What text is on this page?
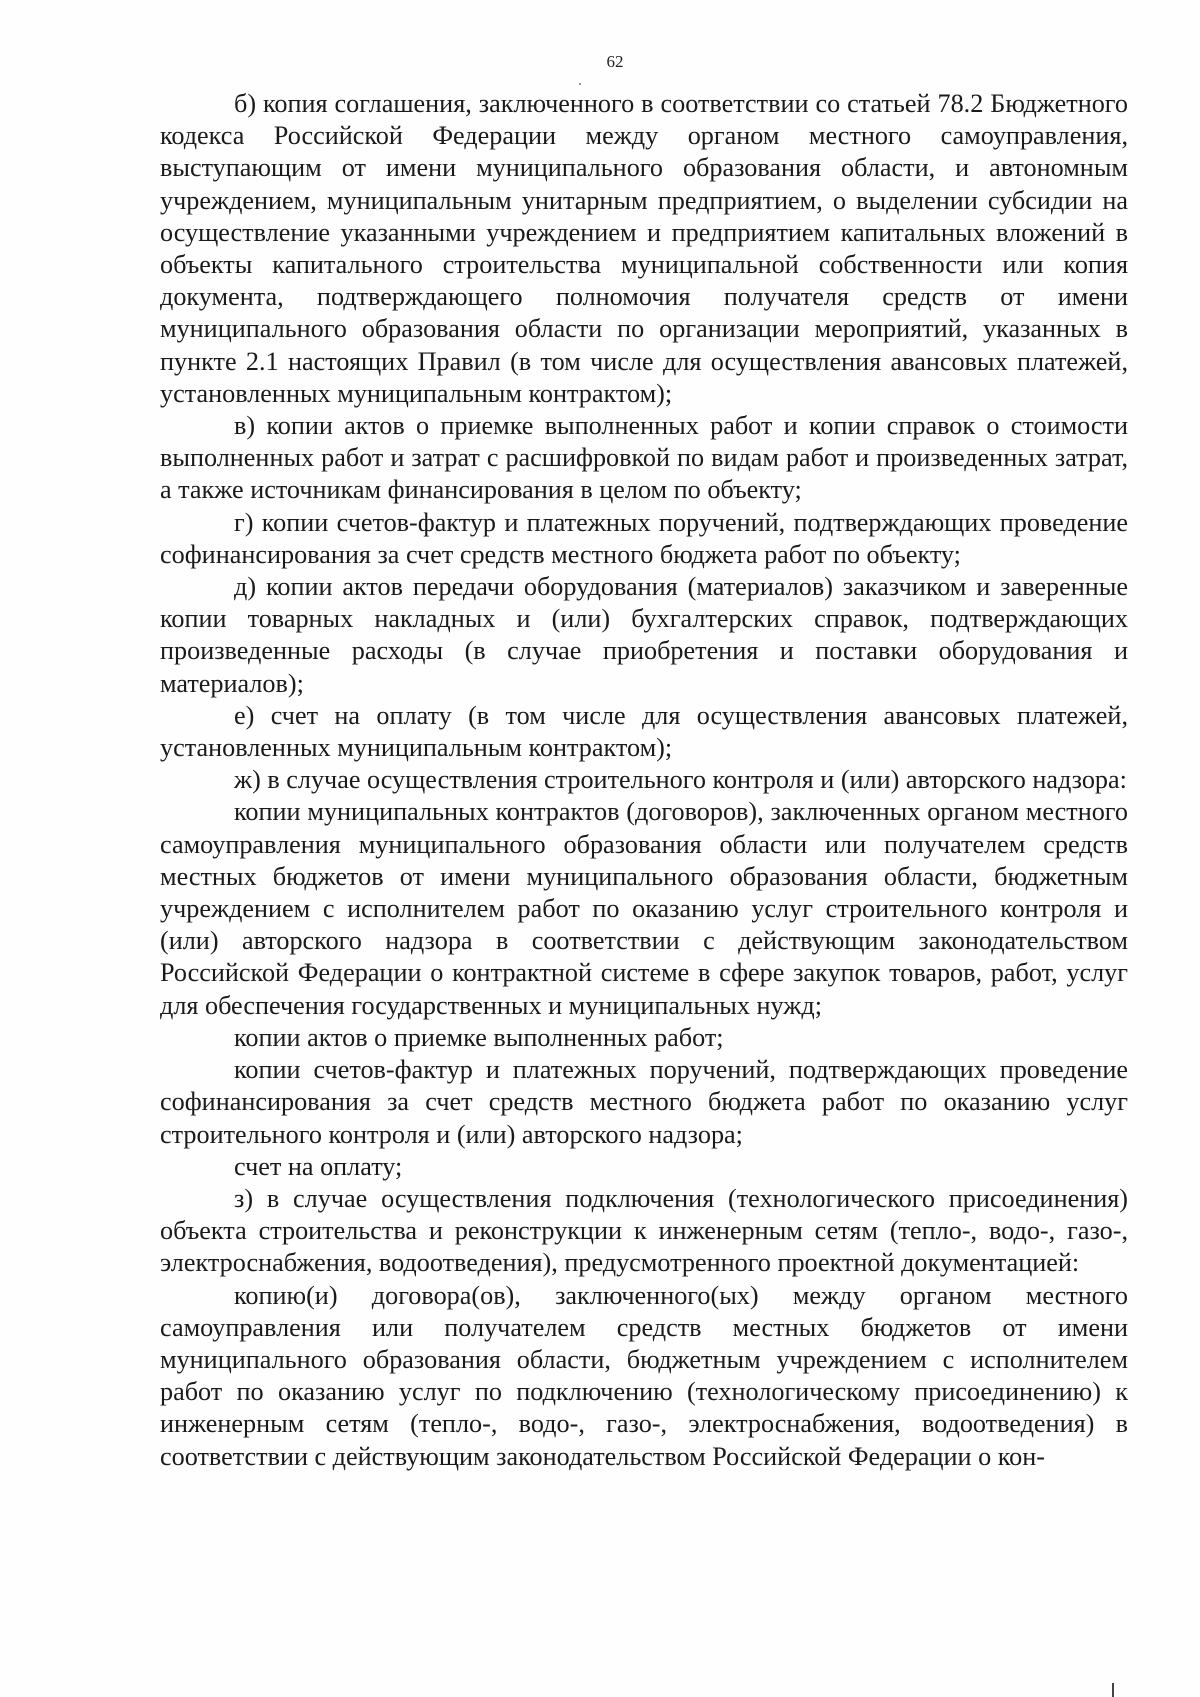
62

б) копия соглашения, заключенного в соответствии со статьей 78.2 Бюджетного кодекса Российской Федерации между органом местного самоуправления, выступающим от имени муниципального образования области, и автономным учреждением, муниципальным унитарным предприятием, о выделении субсидии на осуществление указанными учреждением и предприятием капитальных вложений в объекты капитального строительства муниципальной собственности или копия документа, подтверждающего полномочия получателя средств от имени муниципального образования области по организации мероприятий, указанных в пункте 2.1 настоящих Правил (в том числе для осуществления авансовых платежей, установленных муниципальным контрактом);

в) копии актов о приемке выполненных работ и копии справок о стоимости выполненных работ и затрат с расшифровкой по видам работ и произведенных затрат, а также источникам финансирования в целом по объекту;

г) копии счетов-фактур и платежных поручений, подтверждающих проведение софинансирования за счет средств местного бюджета работ по объекту;

д) копии актов передачи оборудования (материалов) заказчиком и заверенные копии товарных накладных и (или) бухгалтерских справок, подтверждающих произведенные расходы (в случае приобретения и поставки оборудования и материалов);

е) счет на оплату (в том числе для осуществления авансовых платежей, установленных муниципальным контрактом);

ж) в случае осуществления строительного контроля и (или) авторского надзора:

копии муниципальных контрактов (договоров), заключенных органом местного самоуправления муниципального образования области или получателем средств местных бюджетов от имени муниципального образования области, бюджетным учреждением с исполнителем работ по оказанию услуг строительного контроля и (или) авторского надзора в соответствии с действующим законодательством Российской Федерации о контрактной системе в сфере закупок товаров, работ, услуг для обеспечения государственных и муниципальных нужд;

копии актов о приемке выполненных работ;

копии счетов-фактур и платежных поручений, подтверждающих проведение софинансирования за счет средств местного бюджета работ по оказанию услуг строительного контроля и (или) авторского надзора;

счет на оплату;

з) в случае осуществления подключения (технологического присоединения) объекта строительства и реконструкции к инженерным сетям (тепло-, водо-, газо-, электроснабжения, водоотведения), предусмотренного проектной документацией:

копию(и) договора(ов), заключенного(ых) между органом местного самоуправления или получателем средств местных бюджетов от имени муниципального образования области, бюджетным учреждением с исполнителем работ по оказанию услуг по подключению (технологическому присоединению) к инженерным сетям (тепло-, водо-, газо-, электроснабжения, водоотведения) в соответствии с действующим законодательством Российской Федерации о кон-
